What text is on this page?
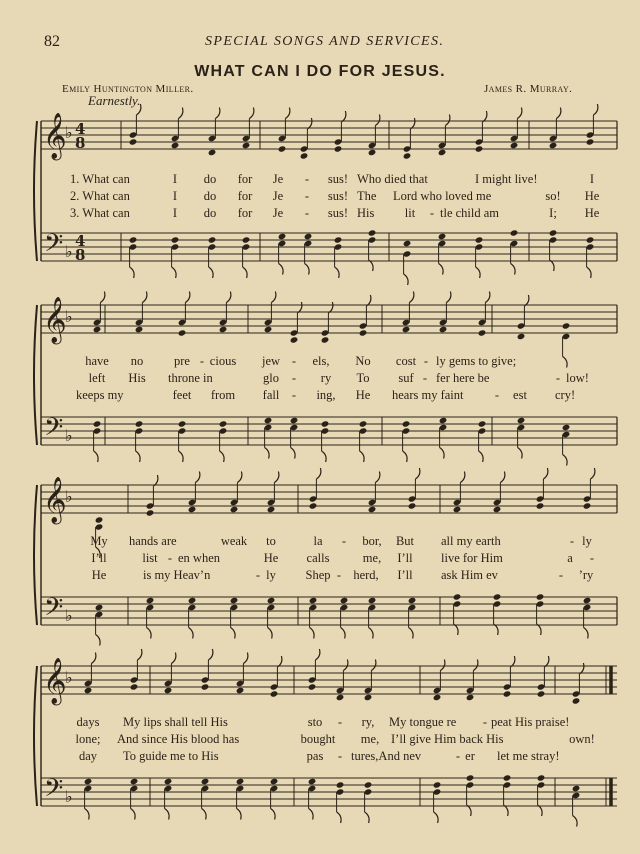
82	SPECIAL SONGS AND SERVICES.
WHAT CAN I DO FOR JESUS.
Emily Huntington Miller.	James R. Murray.
Earnestly.
𝄞
𝄢
♭
♭
4
8
4
8
𝄞
𝄢
♭
♭
𝄞
𝄢
♭
♭
𝄞
𝄢
♭
♭
1. What can
2. What can
3. What can
I do for Je - sus! Who died that	I might live!	I
I do for Je - sus! The Lord who loved me	so! He
I do for Je - sus! His lit - tle child am	I; He
have no pre - cious jew - els, No cost - ly gems to give;
left His throne in	glo - ry To suf - fer here be	- low!
keeps my	feet from fall - ing, He hears my faint	- est cry!
My hands are	weak to	la - bor, But all my earth	- ly
I’ll	list - en when	He calls	me, I’ll live for Him	a -
He	is my Heav’n	- ly Shep - herd, I’ll ask Him ev	- ’ry
days My lips shall tell His	sto - ry, My tongue re - peat His praise!
lone; And since His blood has	bought me, I’ll give Him back His	own!
day To guide me to His	pas - tures,And nev	- er let me stray!
